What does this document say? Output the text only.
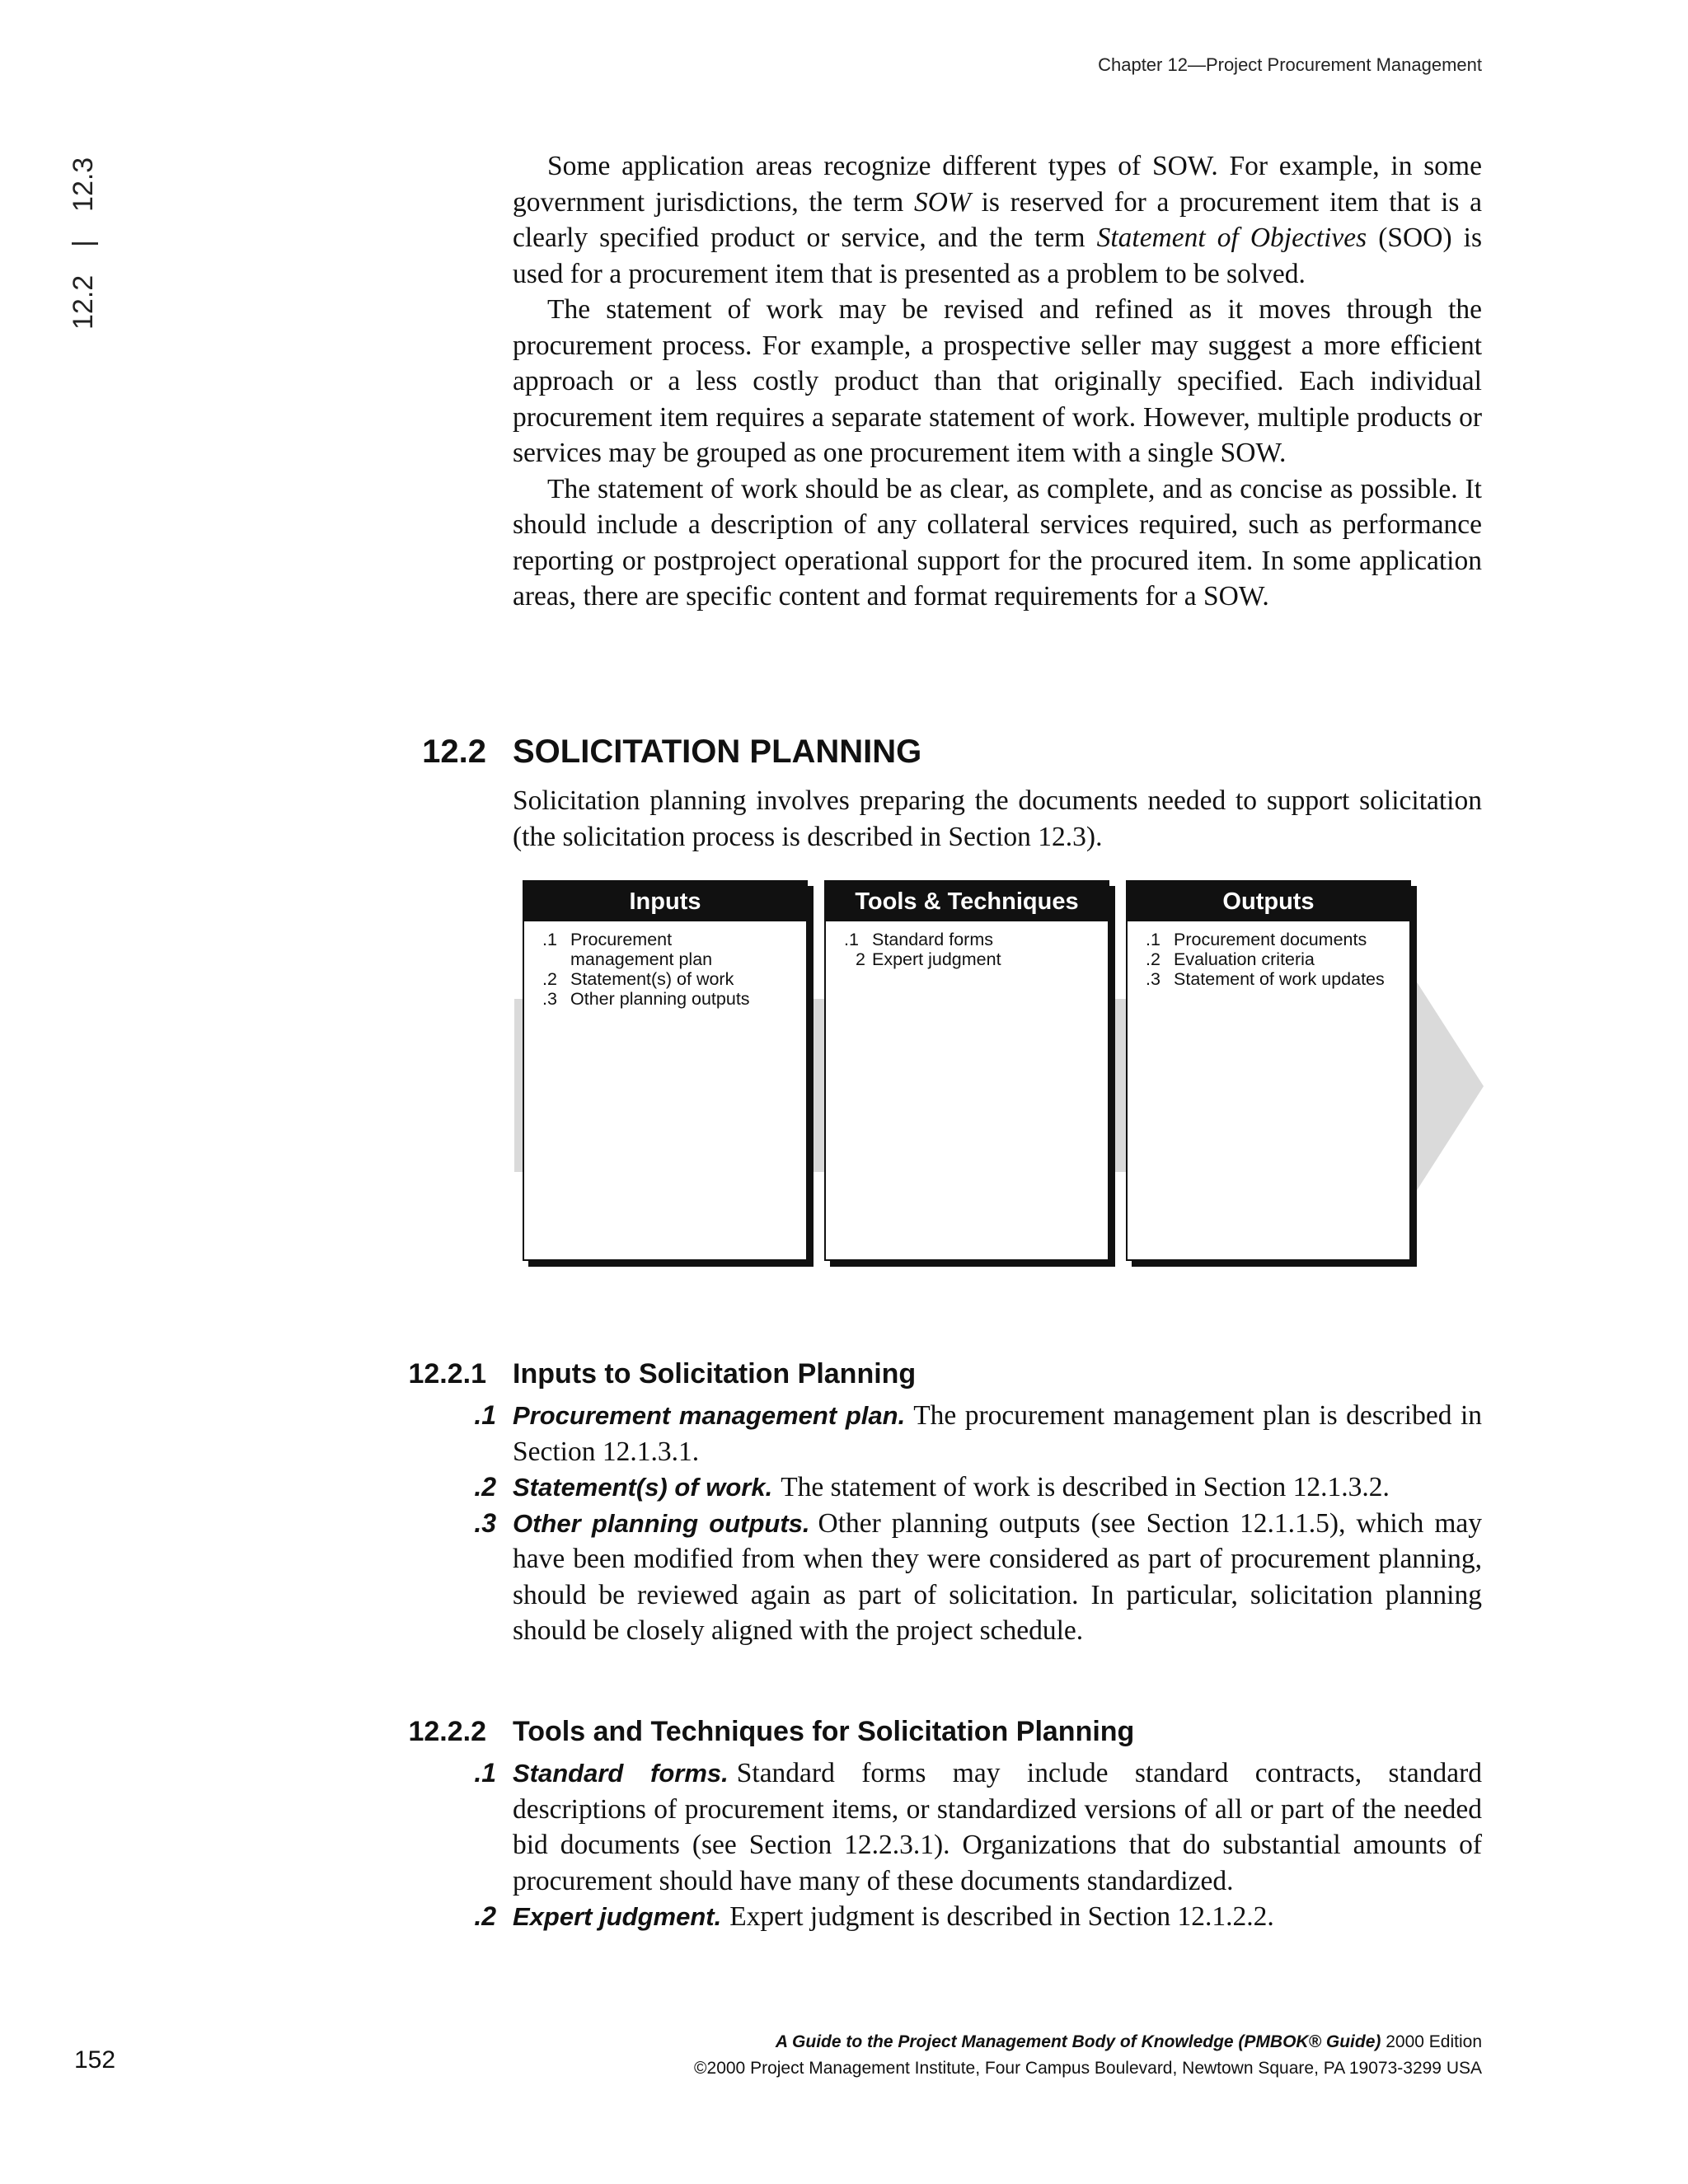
Chapter 12—Project Procurement Management
12.2|12.3	Some application areas recognize different types of SOW. For example, in some government jurisdictions, the term SOW is reserved for a procurement item that is a clearly specified product or service, and the term Statement of Objectives (SOO) is used for a procurement item that is presented as a problem to be solved.

The statement of work may be revised and refined as it moves through the procurement process. For example, a prospective seller may suggest a more efficient approach or a less costly product than that originally specified. Each individual procurement item requires a separate statement of work. However, multiple products or services may be grouped as one procurement item with a single SOW.

The statement of work should be as clear, as complete, and as concise as possible. It should include a description of any collateral services required, such as performance reporting or postproject operational support for the procured item. In some application areas, there are specific content and format requirements for a SOW.

12.2 SOLICITATION PLANNING

Solicitation planning involves preparing the documents needed to support solicitation (the solicitation process is described in Section 12.3).

Inputs
.1 Procurement management plan
.2 Statement(s) of work
.3 Other planning outputs
Tools & Techniques
.1 Standard forms
2 Expert judgment
Outputs
.1 Procurement documents
.2 Evaluation criteria
.3 Statement of work updates
12.2.1 Inputs to Solicitation Planning
.1 Procurement management plan. The procurement management plan is described in Section 12.1.3.1.

.2 Statement(s) of work. The statement of work is described in Section 12.1.3.2.

.3 Other planning outputs. Other planning outputs (see Section 12.1.1.5), which may have been modified from when they were considered as part of procurement planning, should be reviewed again as part of solicitation. In particular, solicitation planning should be closely aligned with the project schedule.

12.2.2 Tools and Techniques for Solicitation Planning
.1 Standard forms. Standard forms may include standard contracts, standard descriptions of procurement items, or standardized versions of all or part of the needed bid documents (see Section 12.2.3.1). Organizations that do substantial amounts of procurement should have many of these documents standardized.

.2 Expert judgment. Expert judgment is described in Section 12.1.2.2.

152
A Guide to the Project Management Body of Knowledge (PMBOK® Guide) 2000 Edition
©2000 Project Management Institute, Four Campus Boulevard, Newtown Square, PA 19073-3299 USA
